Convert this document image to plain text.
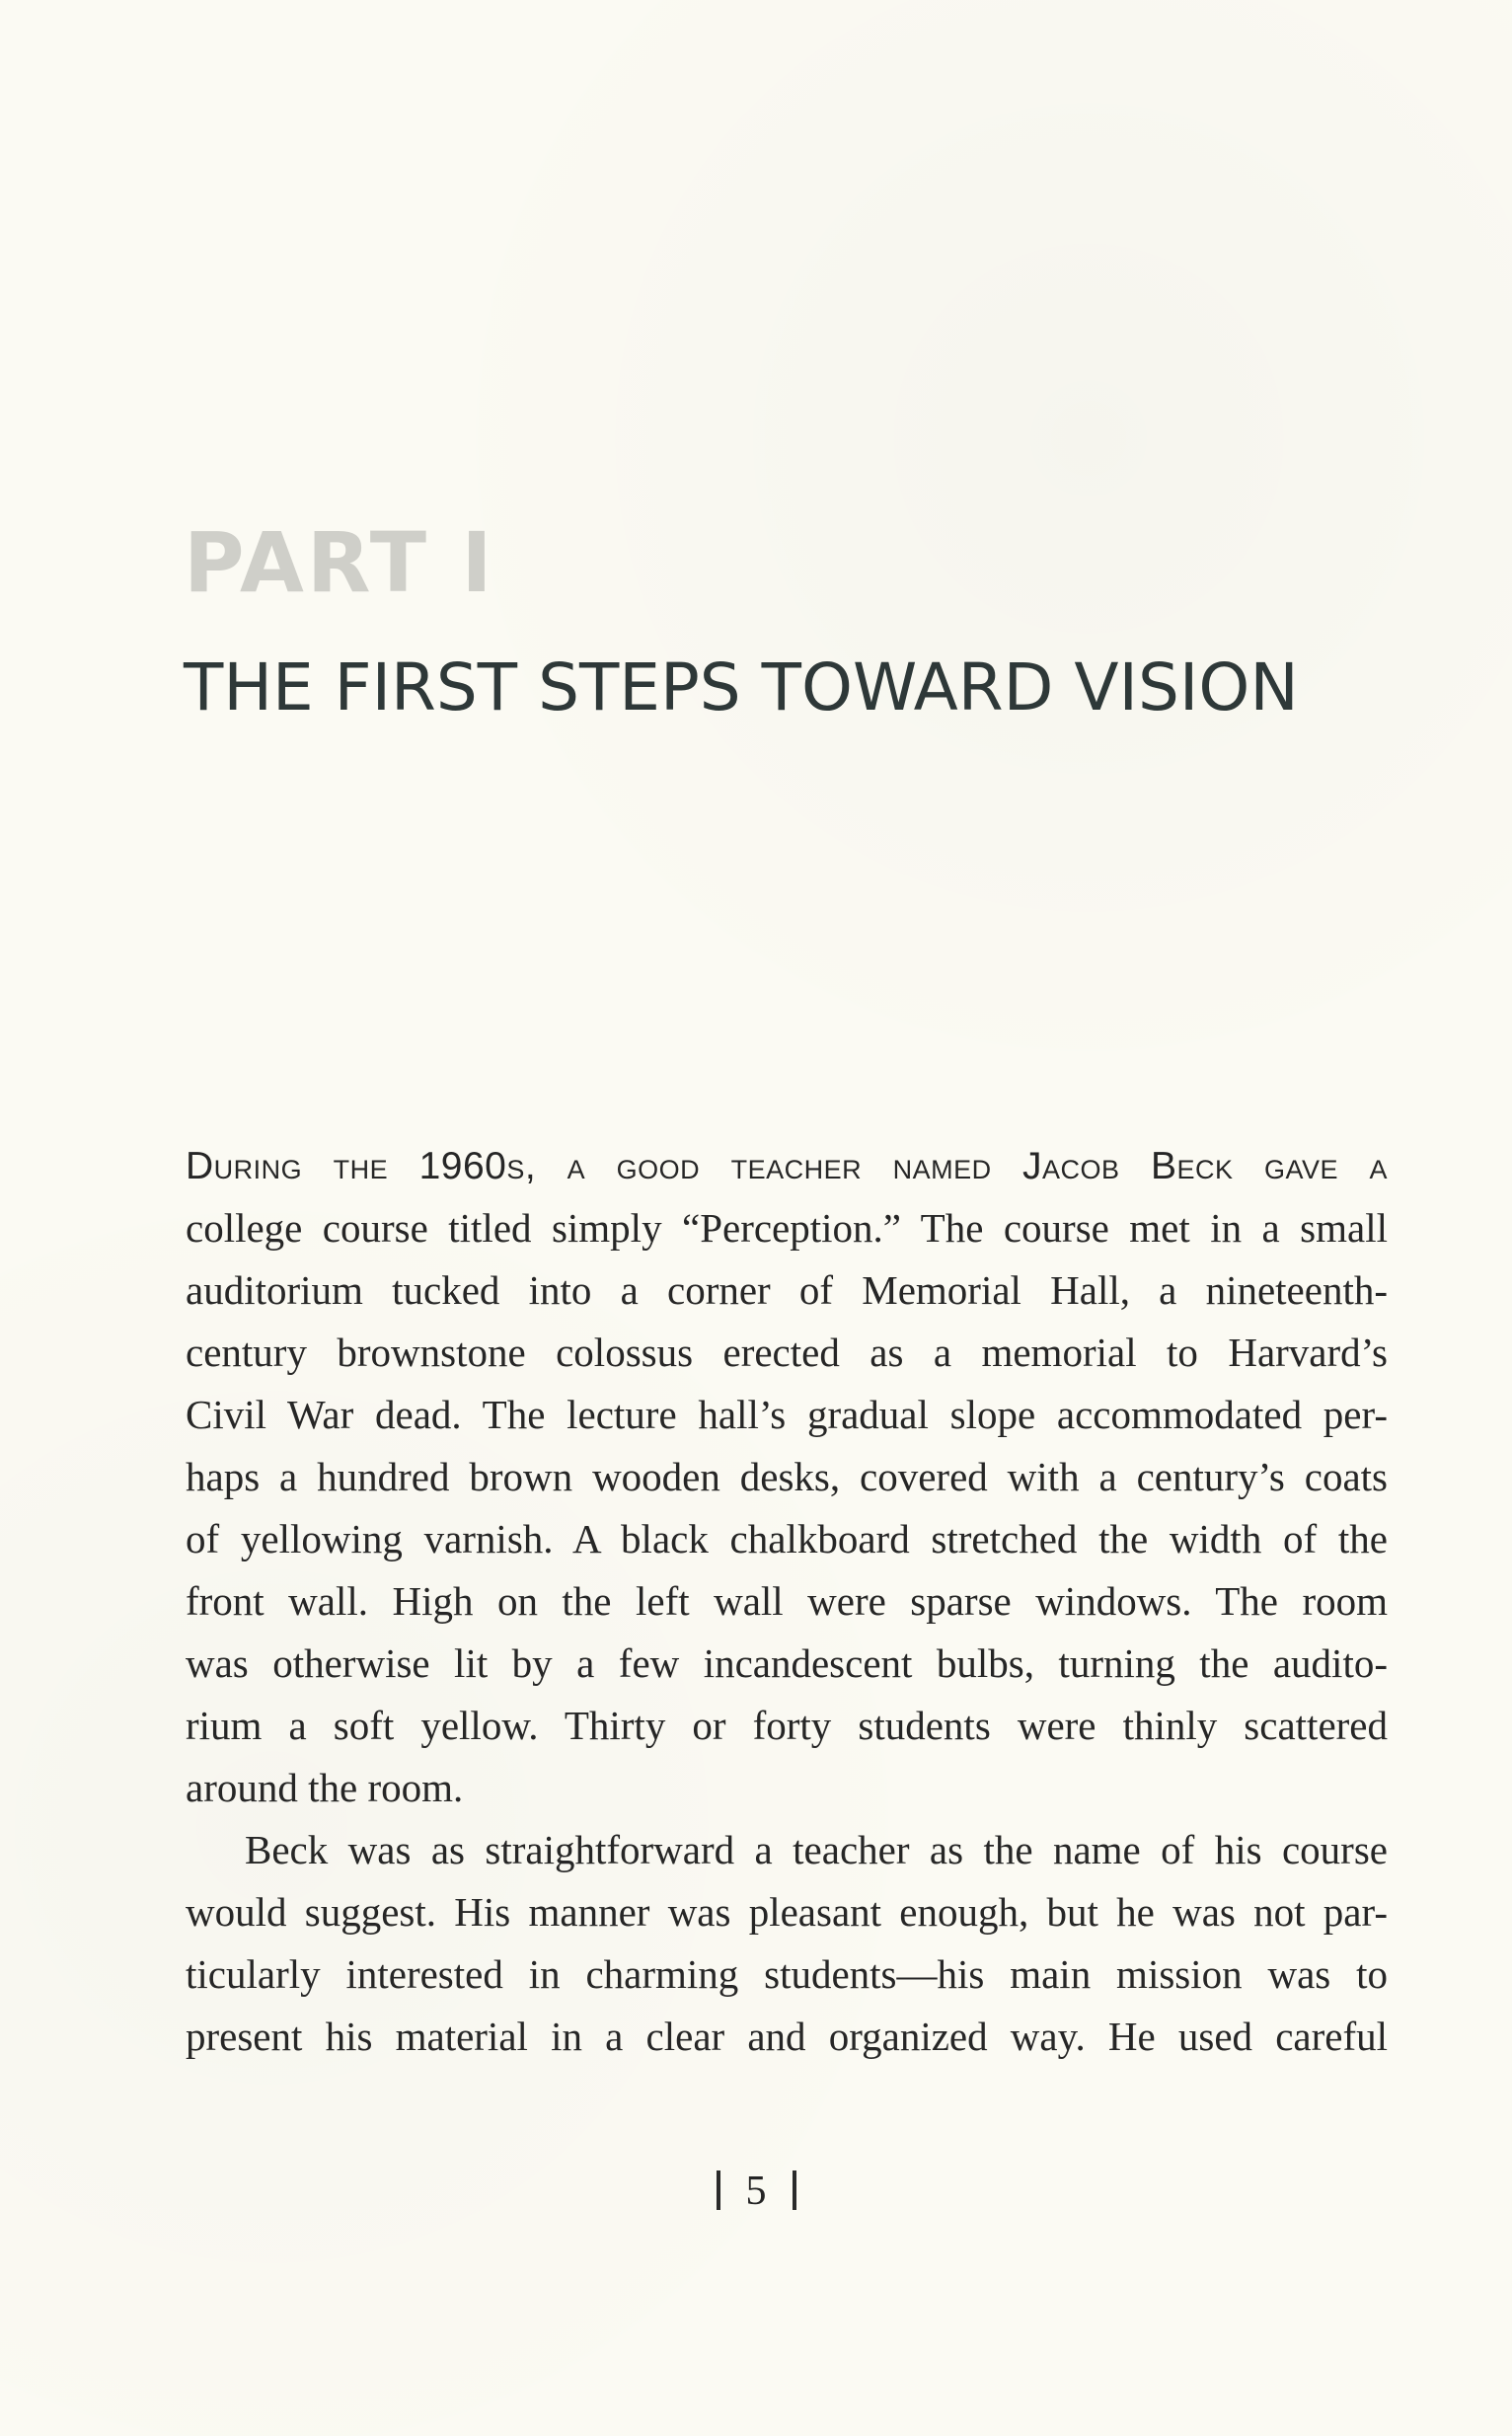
PART I
THE FIRST STEPS TOWARD VISION
During the 1960s, a good teacher named Jacob Beck gave a
college course titled simply “Perception.” The course met in a small
auditorium tucked into a corner of Memorial Hall, a nineteenth-
century brownstone colossus erected as a memorial to Harvard’s
Civil War dead. The lecture hall’s gradual slope accommodated per-
haps a hundred brown wooden desks, covered with a century’s coats
of yellowing varnish. A black chalkboard stretched the width of the
front wall. High on the left wall were sparse windows. The room
was otherwise lit by a few incandescent bulbs, turning the audito-
rium a soft yellow. Thirty or forty students were thinly scattered
around the room.
Beck was as straightforward a teacher as the name of his course
would suggest. His manner was pleasant enough, but he was not par-
ticularly interested in charming students—his main mission was to
present his material in a clear and organized way. He used careful
5
